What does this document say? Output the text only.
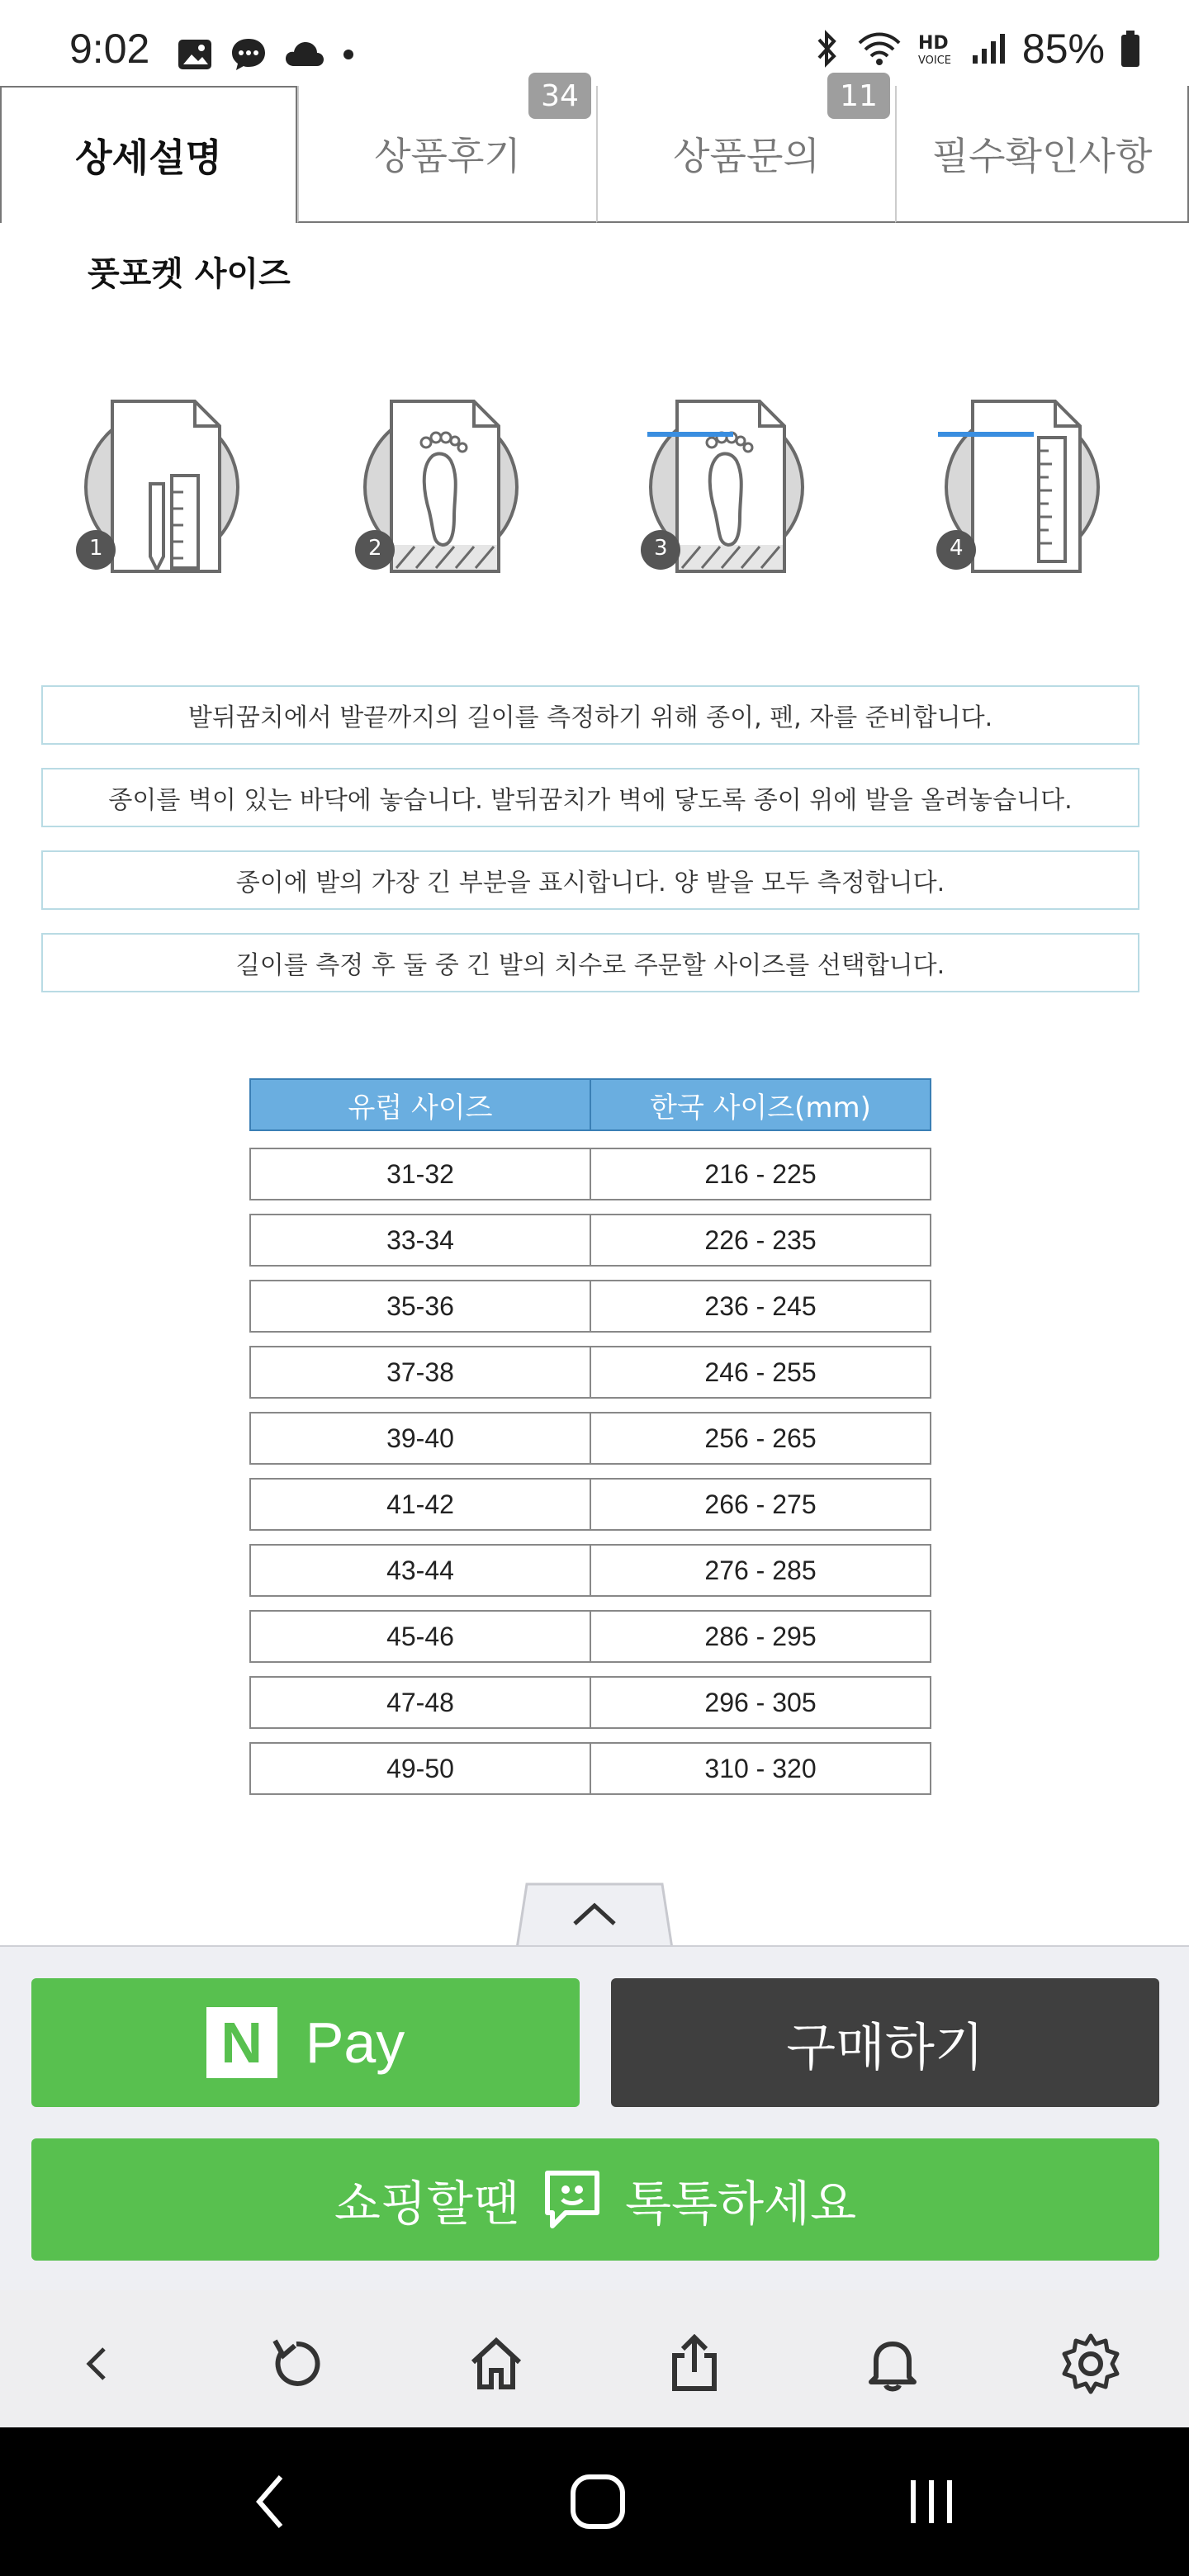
9:02	HD
VOICE 85%
상세설명	상품후기
34
상품문의
11
필수확인사항
풋포켓 사이즈
1	2	3	4
발뒤꿈치에서 발끝까지의 길이를 측정하기 위해 종이, 펜, 자를 준비합니다.
종이를 벽이 있는 바닥에 놓습니다. 발뒤꿈치가 벽에 닿도록 종이 위에 발을 올려놓습니다.
종이에 발의 가장 긴 부분을 표시합니다. 양 발을 모두 측정합니다.
길이를 측정 후 둘 중 긴 발의 치수로 주문할 사이즈를 선택합니다.
유럽 사이즈	한국 사이즈(mm)
31-32	216 - 225
33-34	226 - 235
35-36	236 - 245
37-38	246 - 255
39-40	256 - 265
41-42	266 - 275
43-44	276 - 285
45-46	286 - 295
47-48	296 - 305
49-50	310 - 320
N Pay	구매하기
쇼핑할땐 톡톡하세요
